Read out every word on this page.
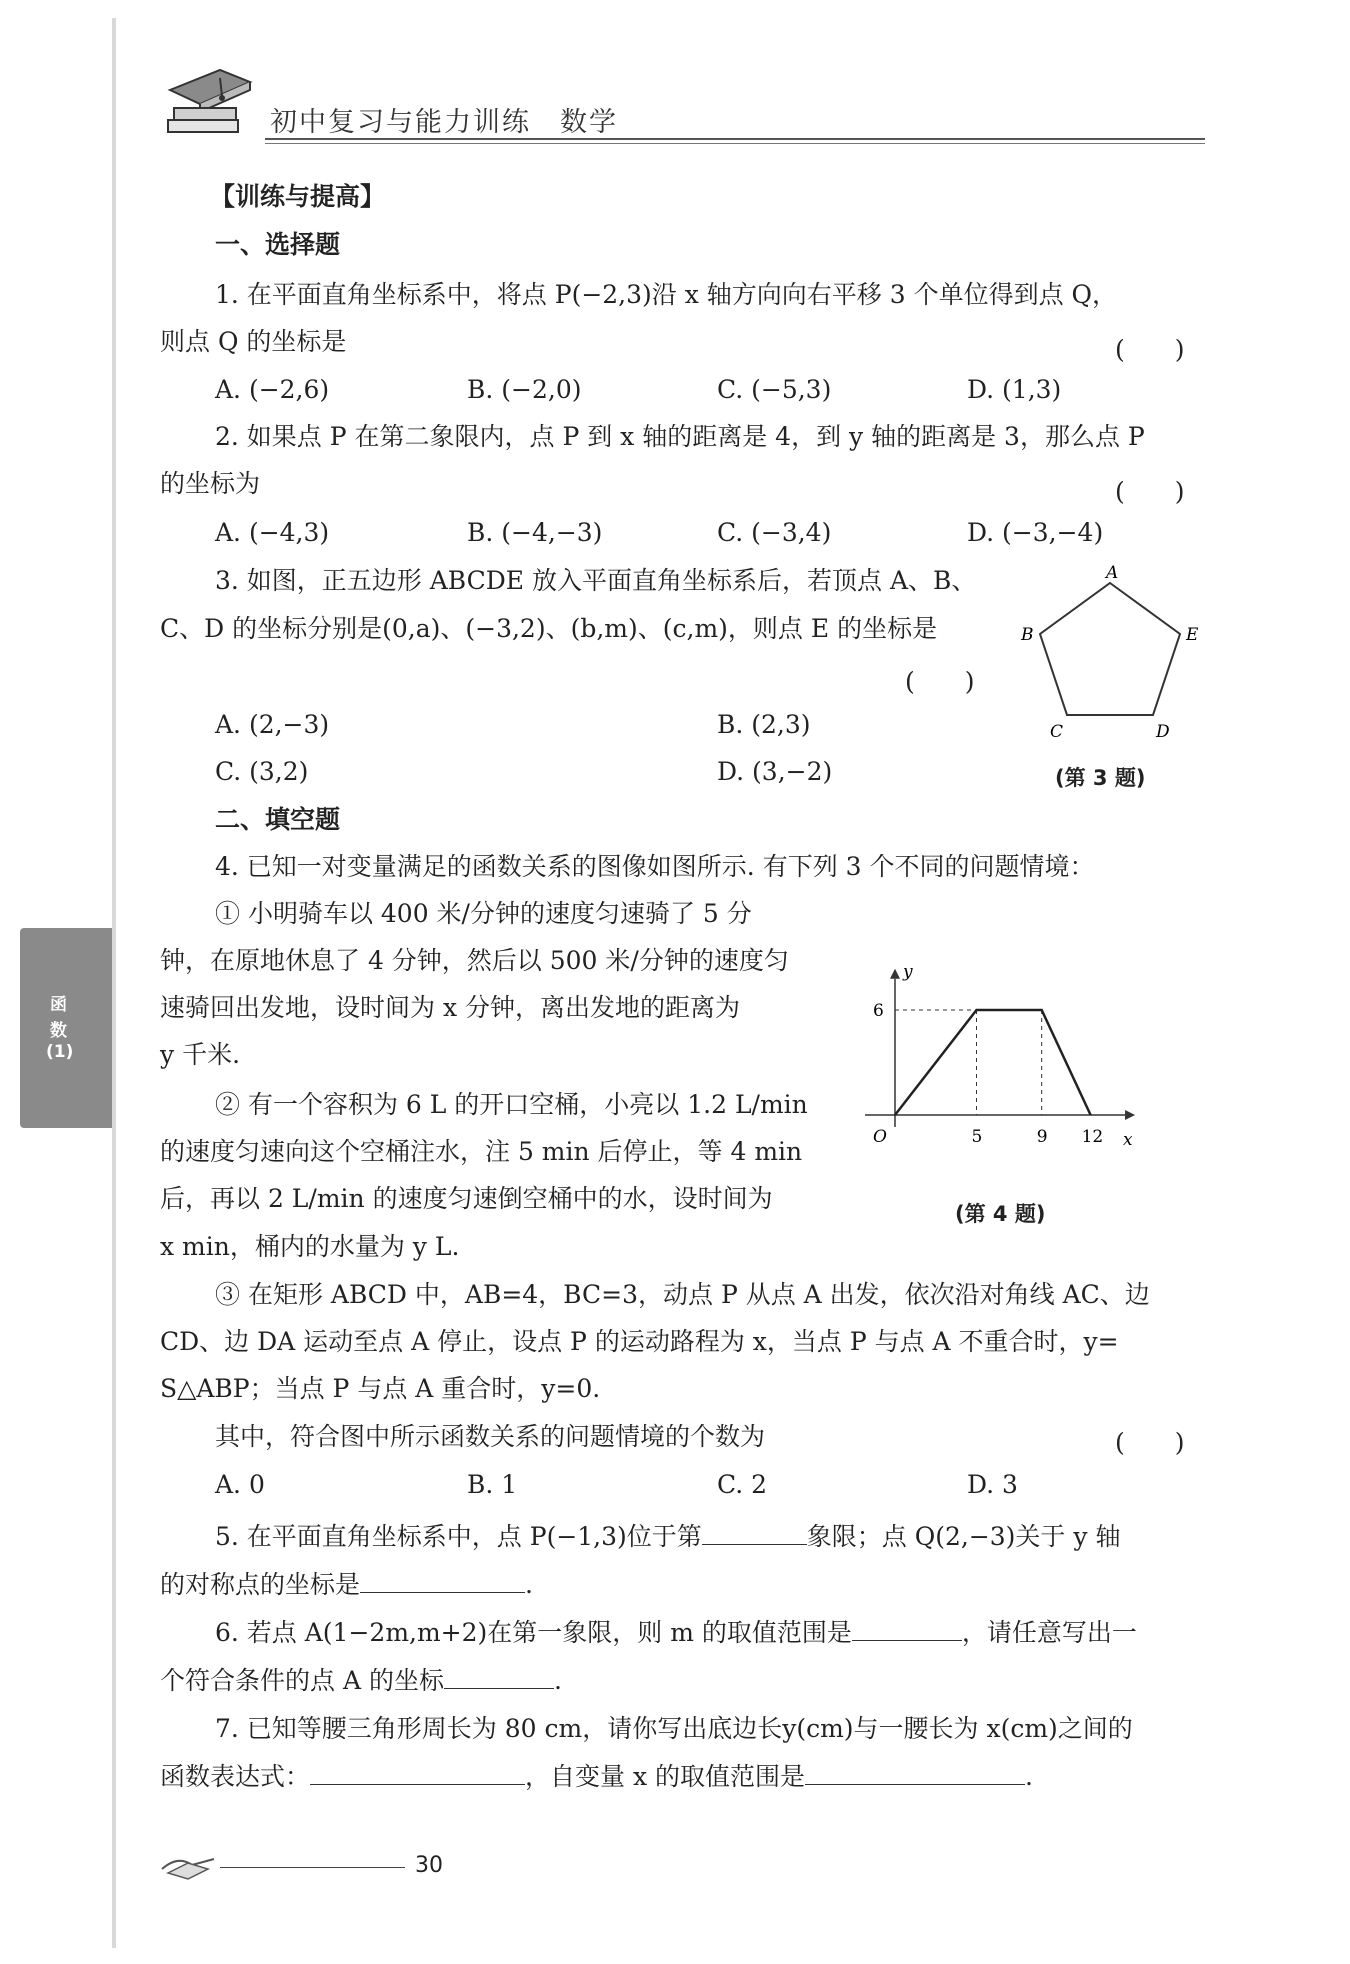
初中复习与能力训练　数学
函
数
(1)
【训练与提高】
一、选择题
1. 在平面直角坐标系中，将点 P(−2,3)沿 x 轴方向向右平移 3 个单位得到点 Q，
则点 Q 的坐标是	(　　)
A. (−2,6)	B. (−2,0)	C. (−5,3)	D. (1,3)
2. 如果点 P 在第二象限内，点 P 到 x 轴的距离是 4，到 y 轴的距离是 3，那么点 P
的坐标为	(　　)
A. (−4,3)	B. (−4,−3)	C. (−3,4)	D. (−3,−4)
3. 如图，正五边形 ABCDE 放入平面直角坐标系后，若顶点 A、B、
C、D 的坐标分别是(0,a)、(−3,2)、(b,m)、(c,m)，则点 E 的坐标是
(　　)
A. (2,−3)	B. (2,3)
C. (3,2)	D. (3,−2)
A
B
C	D
E
(第 3 题)
二、填空题
4. 已知一对变量满足的函数关系的图像如图所示. 有下列 3 个不同的问题情境：
① 小明骑车以 400 米/分钟的速度匀速骑了 5 分
钟，在原地休息了 4 分钟，然后以 500 米/分钟的速度匀
速骑回出发地，设时间为 x 分钟，离出发地的距离为
y 千米.
② 有一个容积为 6 L 的开口空桶，小亮以 1.2 L/min
的速度匀速向这个空桶注水，注 5 min 后停止，等 4 min
后，再以 2 L/min 的速度匀速倒空桶中的水，设时间为
x min，桶内的水量为 y L.
③ 在矩形 ABCD 中，AB=4，BC=3，动点 P 从点 A 出发，依次沿对角线 AC、边
CD、边 DA 运动至点 A 停止，设点 P 的运动路程为 x，当点 P 与点 A 不重合时，y=
S△ABP；当点 P 与点 A 重合时，y=0.
其中，符合图中所示函数关系的问题情境的个数为	(　　)
A. 0	B. 1	C. 2	D. 3
x
y
O	5	9 12
6
(第 4 题)
5. 在平面直角坐标系中，点 P(−1,3)位于第	象限；点 Q(2,−3)关于 y 轴
的对称点的坐标是	.
6. 若点 A(1−2m,m+2)在第一象限，则 m 的取值范围是	，请任意写出一
个符合条件的点 A 的坐标	.
7. 已知等腰三角形周长为 80 cm，请你写出底边长y(cm)与一腰长为 x(cm)之间的
函数表达式：	，自变量 x 的取值范围是	.
30
